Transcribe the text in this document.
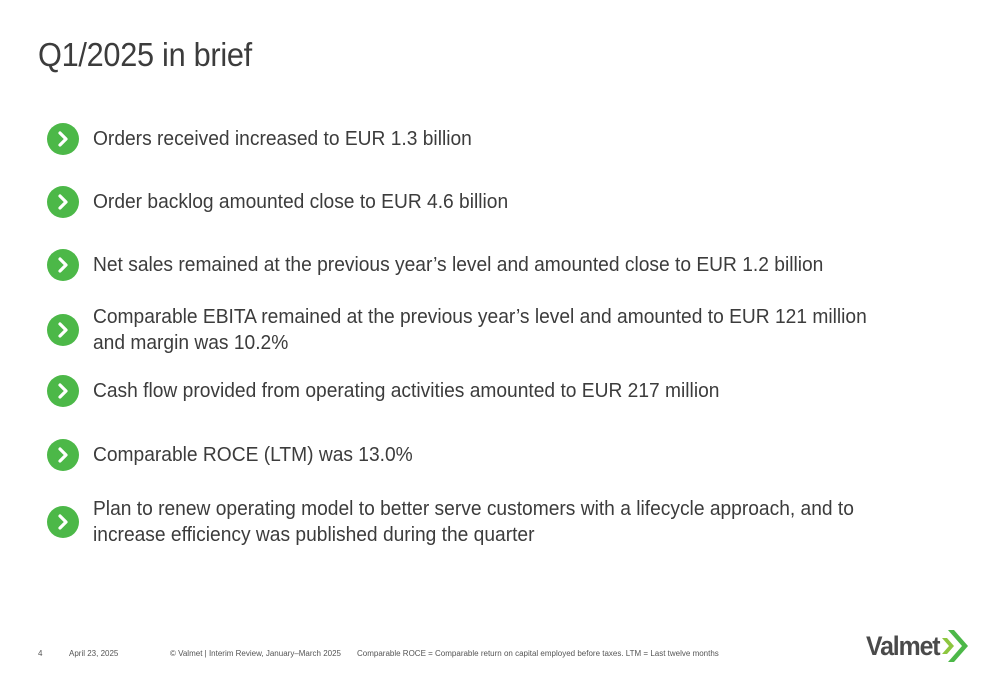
Q1/2025 in brief
Orders received increased to EUR 1.3 billion
Order backlog amounted close to EUR 4.6 billion
Net sales remained at the previous year’s level and amounted close to EUR 1.2 billion
Comparable EBITA remained at the previous year’s level and amounted to EUR 121 million and margin was 10.2%
Cash flow provided from operating activities amounted to EUR 217 million
Comparable ROCE (LTM) was 13.0%
Plan to renew operating model to better serve customers with a lifecycle approach, and to increase efficiency was published during the quarter
4	April 23, 2025	© Valmet | Interim Review, January–March 2025 Comparable ROCE = Comparable return on capital employed before taxes. LTM = Last twelve months	Valmet
